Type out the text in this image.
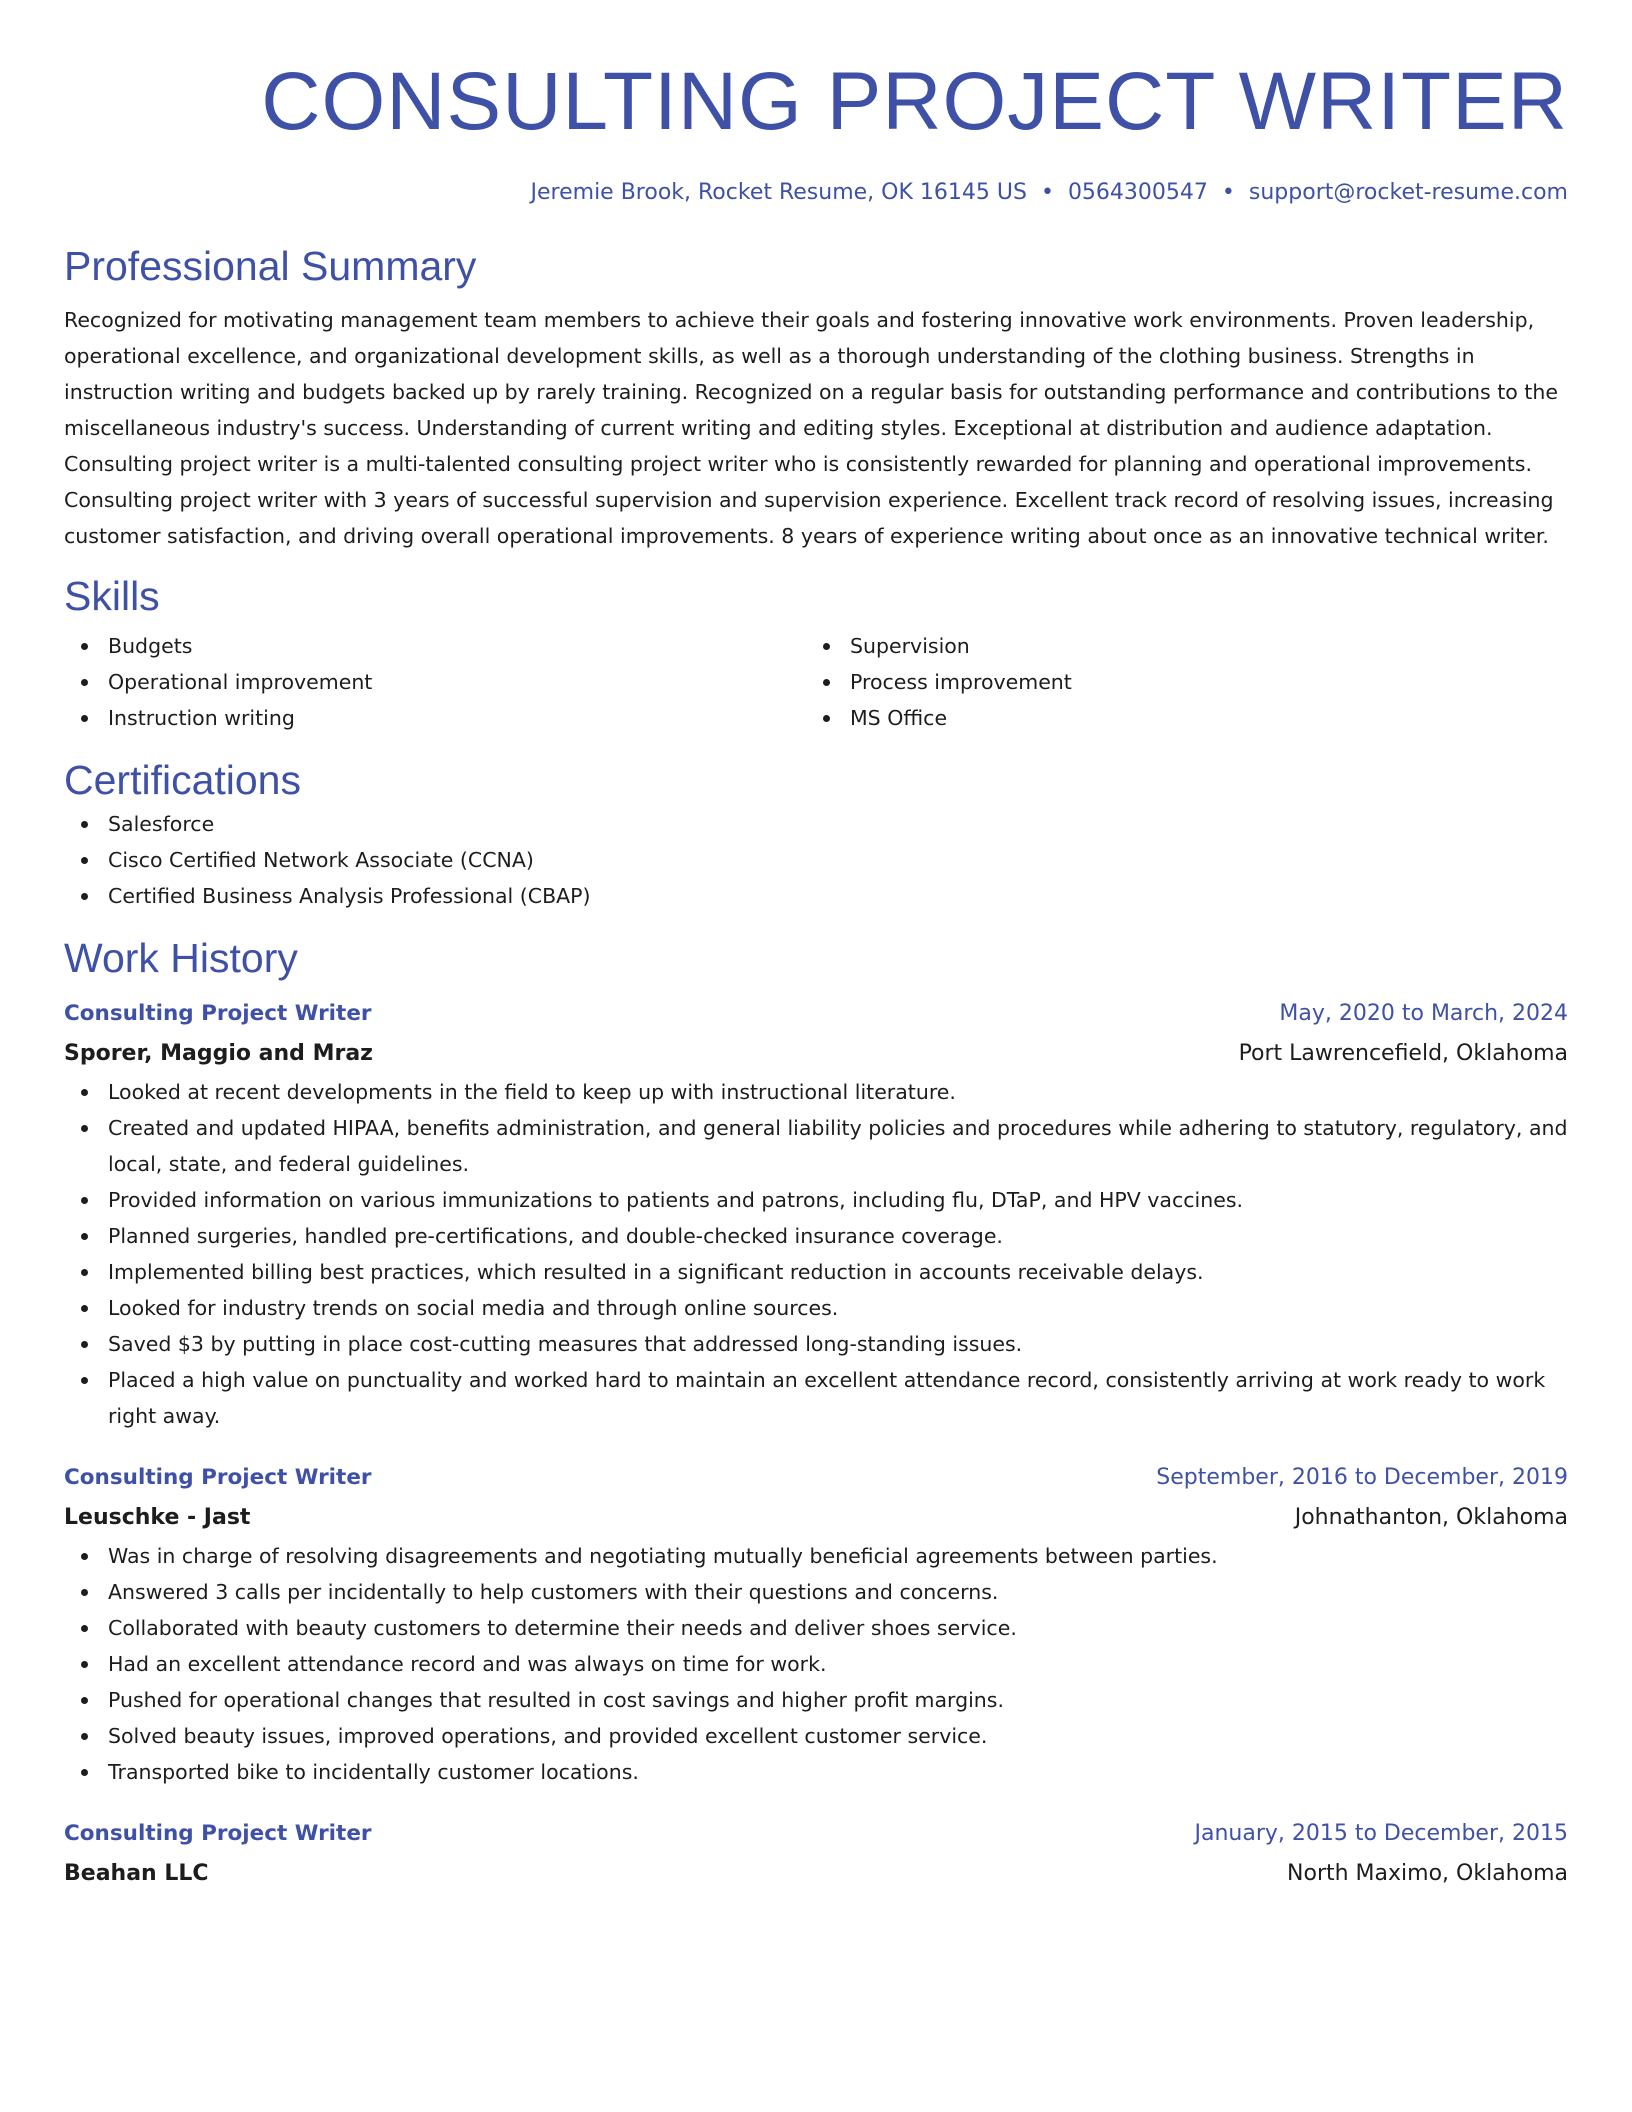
CONSULTING PROJECT WRITER
Jeremie Brook, Rocket Resume, OK 16145 US • 0564300547 • support@rocket-resume.com
Professional Summary
Recognized for motivating management team members to achieve their goals and fostering innovative work environments. Proven leadership, operational excellence, and organizational development skills, as well as a thorough understanding of the clothing business. Strengths in instruction writing and budgets backed up by rarely training. Recognized on a regular basis for outstanding performance and contributions to the miscellaneous industry's success. Understanding of current writing and editing styles. Exceptional at distribution and audience adaptation. Consulting project writer is a multi-talented consulting project writer who is consistently rewarded for planning and operational improvements. Consulting project writer with 3 years of successful supervision and supervision experience. Excellent track record of resolving issues, increasing customer satisfaction, and driving overall operational improvements. 8 years of experience writing about once as an innovative technical writer.
Skills
Budgets
Operational improvement
Instruction writing
Supervision
Process improvement
MS Office
Certifications
Salesforce
Cisco Certified Network Associate (CCNA)
Certified Business Analysis Professional (CBAP)
Work History
Consulting Project Writer	May, 2020 to March, 2024
Sporer, Maggio and Mraz	Port Lawrencefield, Oklahoma
Looked at recent developments in the field to keep up with instructional literature.
Created and updated HIPAA, benefits administration, and general liability policies and procedures while adhering to statutory, regulatory, and local, state, and federal guidelines.
Provided information on various immunizations to patients and patrons, including flu, DTaP, and HPV vaccines.
Planned surgeries, handled pre-certifications, and double-checked insurance coverage.
Implemented billing best practices, which resulted in a significant reduction in accounts receivable delays.
Looked for industry trends on social media and through online sources.
Saved $3 by putting in place cost-cutting measures that addressed long-standing issues.
Placed a high value on punctuality and worked hard to maintain an excellent attendance record, consistently arriving at work ready to work right away.
Consulting Project Writer	September, 2016 to December, 2019
Leuschke - Jast	Johnathanton, Oklahoma
Was in charge of resolving disagreements and negotiating mutually beneficial agreements between parties.
Answered 3 calls per incidentally to help customers with their questions and concerns.
Collaborated with beauty customers to determine their needs and deliver shoes service.
Had an excellent attendance record and was always on time for work.
Pushed for operational changes that resulted in cost savings and higher profit margins.
Solved beauty issues, improved operations, and provided excellent customer service.
Transported bike to incidentally customer locations.
Consulting Project Writer	January, 2015 to December, 2015
Beahan LLC	North Maximo, Oklahoma
